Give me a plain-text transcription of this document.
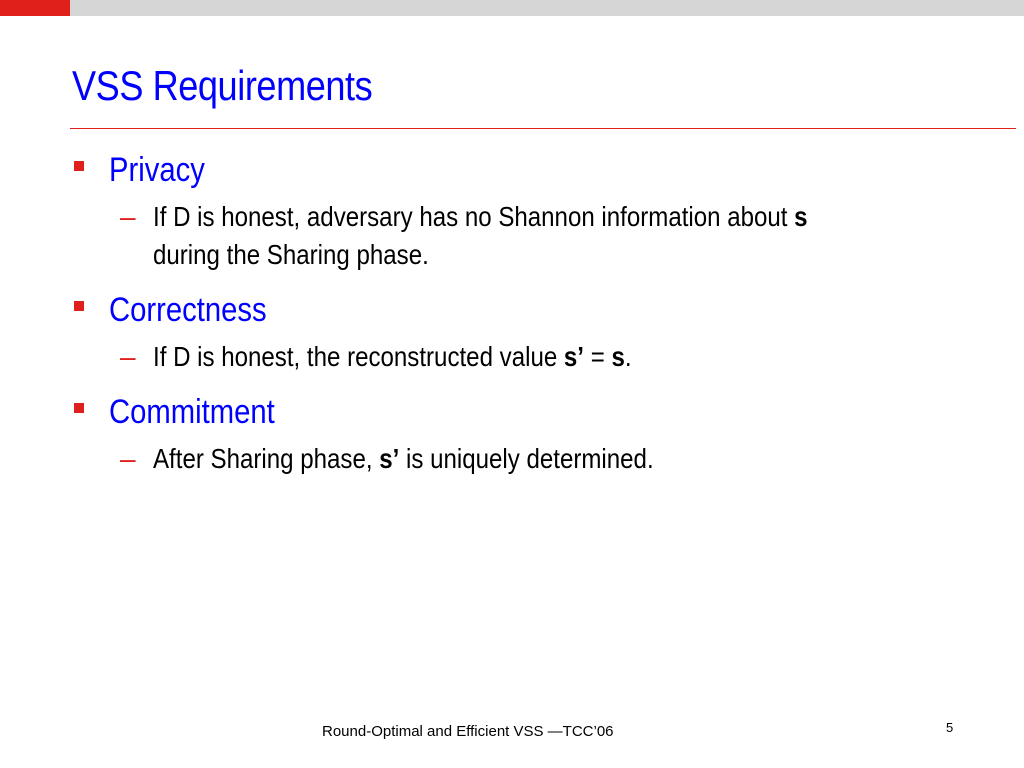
VSS Requirements
Privacy
– If D is honest, adversary has no Shannon information about s
during the Sharing phase.
Correctness
– If D is honest, the reconstructed value s’ = s.
Commitment
– After Sharing phase, s’ is uniquely determined.
Round-Optimal and Efficient VSS —TCC’06	5
